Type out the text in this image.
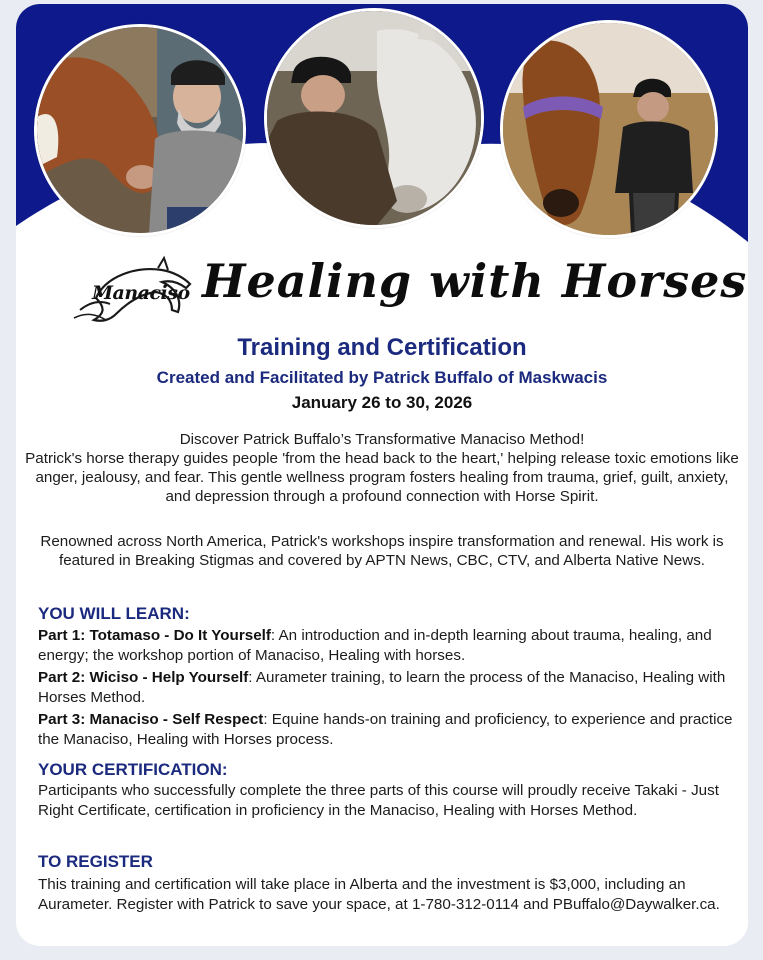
Manaciso Healing with Horses
Training and Certification
Created and Facilitated by Patrick Buffalo of Maskwacis
January 26 to 30, 2026

Discover Patrick Buffalo’s Transformative Manaciso Method!
Patrick's horse therapy guides people 'from the head back to the heart,' helping release toxic emotions like anger, jealousy, and fear. This gentle wellness program fosters healing from trauma, grief, guilt, anxiety, and depression through a profound connection with Horse Spirit.

Renowned across North America, Patrick's workshops inspire transformation and renewal. His work is featured in Breaking Stigmas and covered by APTN News, CBC, CTV, and Alberta Native News.

YOU WILL LEARN:

Part 1: Totamaso - Do It Yourself: An introduction and in-depth learning about trauma, healing, and energy; the workshop portion of Manaciso, Healing with horses.

Part 2: Wiciso - Help Yourself: Aurameter training, to learn the process of the Manaciso, Healing with Horses Method.

Part 3: Manaciso - Self Respect: Equine hands-on training and proficiency, to experience and practice the Manaciso, Healing with Horses process.

YOUR CERTIFICATION:

Participants who successfully complete the three parts of this course will proudly receive Takaki - Just Right Certificate, certification in proficiency in the Manaciso, Healing with Horses Method.

TO REGISTER

This training and certification will take place in Alberta and the investment is $3,000, including an Aurameter. Register with Patrick to save your space, at 1-780-312-0114 and PBuffalo@Daywalker.ca.
